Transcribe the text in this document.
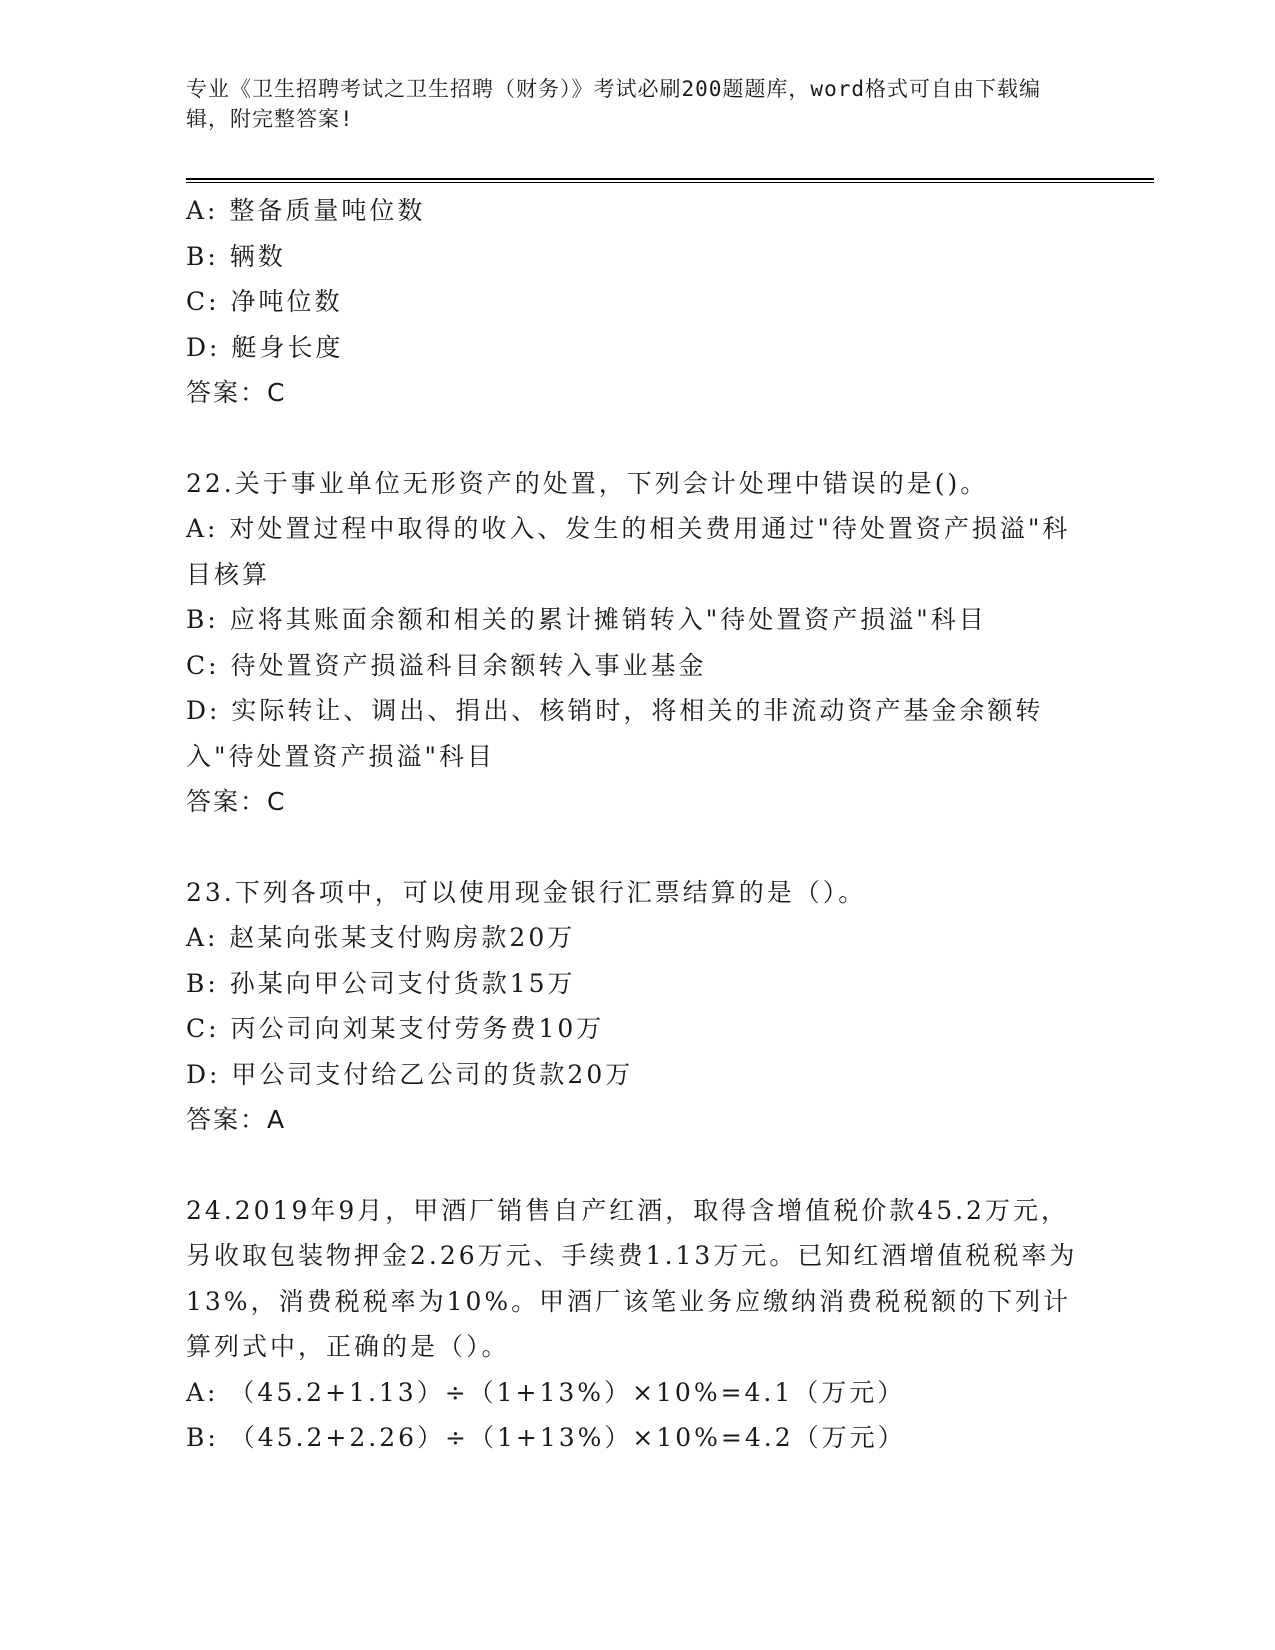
专业《卫生招聘考试之卫生招聘（财务）》考试必刷200题题库，word格式可自由下载编辑，附完整答案!
A: 整备质量吨位数
B: 辆数
C: 净吨位数
D: 艇身长度
答案：C
22.关于事业单位无形资产的处置，下列会计处理中错误的是()。
A: 对处置过程中取得的收入、发生的相关费用通过"待处置资产损溢"科目核算
B: 应将其账面余额和相关的累计摊销转入"待处置资产损溢"科目
C: 待处置资产损溢科目余额转入事业基金
D: 实际转让、调出、捐出、核销时，将相关的非流动资产基金余额转入"待处置资产损溢"科目
答案：C
23.下列各项中，可以使用现金银行汇票结算的是（）。
A: 赵某向张某支付购房款20万
B: 孙某向甲公司支付货款15万
C: 丙公司向刘某支付劳务费10万
D: 甲公司支付给乙公司的货款20万
答案：A
24.2019年9月，甲酒厂销售自产红酒，取得含增值税价款45.2万元，另收取包装物押金2.26万元、手续费1.13万元。已知红酒增值税税率为13%，消费税税率为10%。甲酒厂该笔业务应缴纳消费税税额的下列计算列式中，正确的是（）。
A: （45.2+1.13）÷（1+13%）×10%=4.1（万元）
B: （45.2+2.26）÷（1+13%）×10%=4.2（万元）
